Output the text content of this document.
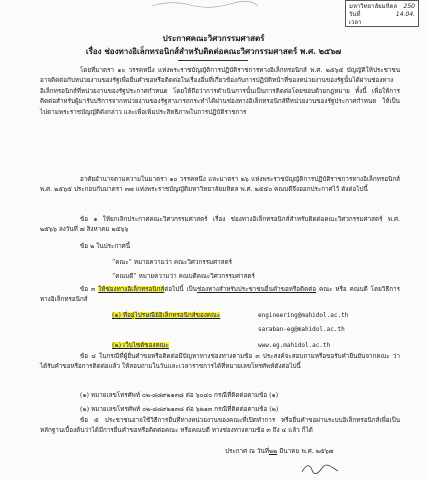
มหาวิทยาลัยมหิดล 250
วันที่	14.04.
เวลา
ประกาศคณะวิศวกรรมศาสตร์
เรื่อง ช่องทางอิเล็กทรอนิกส์สำหรับติดต่อคณะวิศวกรรมศาสตร์ พ.ศ. ๒๕๖๗
โดยที่มาตรา ๑๐ วรรคหนึ่ง แห่งพระราชบัญญัติการปฏิบัติราชการทางอิเล็กทรอนิกส์ พ.ศ. ๒๕๖๕ บัญญัติให้ประชาชนอาจติดต่อกับหน่วยงานของรัฐเพื่อยื่นคำขอหรือติดต่อในเรื่องอื่นที่เกี่ยวข้องกับการปฏิบัติหน้าที่ของหน่วยงานของรัฐนั้นได้ผ่านช่องทางอิเล็กทรอนิกส์ที่หน่วยงานของรัฐประกาศกำหนด โดยให้ถือว่าการดำเนินการนั้นเป็นการติดต่อโดยชอบด้วยกฎหมาย ทั้งนี้ เพื่อให้การติดต่อสำหรับผู้มารับบริการจากหน่วยงานของรัฐสามารถกระทำได้ผ่านช่องทางอิเล็กทรอนิกส์ที่หน่วยงานของรัฐประกาศกำหนด ให้เป็นไปตามพระราชบัญญัติดังกล่าว และเพื่อเพิ่มประสิทธิภาพในการปฏิบัติราชการ
อาศัยอำนาจตามความในมาตรา ๑๐ วรรคหนึ่ง และมาตรา ๒๖ แห่งพระราชบัญญัติการปฏิบัติราชการทางอิเล็กทรอนิกส์ พ.ศ. ๒๕๖๕ ประกอบกับมาตรา ๓๗ แห่งพระราชบัญญัติมหาวิทยาลัยมหิดล พ.ศ. ๒๕๕๐ คณบดีจึงออกประกาศไว้ ดังต่อไปนี้
ข้อ ๑ ให้ยกเลิกประกาศคณะวิศวกรรมศาสตร์ เรื่อง ช่องทางอิเล็กทรอนิกส์สำหรับติดต่อคณะวิศวกรรมศาสตร์ พ.ศ. ๒๕๖๖ ลงวันที่ ๗ สิงหาคม ๒๕๖๖
ข้อ ๒ ในประกาศนี้
“คณะ” หมายความว่า คณะวิศวกรรมศาสตร์
“คณบดี” หมายความว่า คณบดีคณะวิศวกรรมศาสตร์
ข้อ ๓ ให้ช่องทางอิเล็กทรอนิกส์ต่อไปนี้ เป็นช่องทางสำหรับประชาชนยื่นคำขอหรือติดต่อ คณะ หรือ คณบดี โดยวิธีการทางอิเล็กทรอนิกส์
(๑) ที่อยู่ไปรษณีย์อิเล็กทรอนิกส์ของคณะ	engineering@mahidol.ac.th
saraban-eg@mahidol.ac.th
(๒) เว็บไซต์ของคณะ	www.eg.mahidol.ac.th
ข้อ ๔ ในกรณีที่ผู้ยื่นคำขอหรือติดต่อมีปัญหาทางช่องทางตามข้อ ๓ ประสงค์จะสอบถามหรือขอรับคำยืนยันจากคณะ ว่าได้รับคำขอหรือการติดต่อแล้ว ให้สอบถามในวันและเวลาราชการได้ที่หมายเลขโทรศัพท์ดังต่อไปนี้
(๑) หมายเลขโทรศัพท์ ๐๒-๘๘๙๒๑๓๘ ต่อ ๖๐๔๐ กรณีที่ติดต่อตามข้อ (๑)
(๒) หมายเลขโทรศัพท์ ๐๒-๘๘๙๒๑๓๘ ต่อ ๖๒๑๓ กรณีที่ติดต่อตามข้อ (๒)
ข้อ ๕ ประชาชนอาจใช้วิธีการยื่นที่ทางหน่วยงานของคณะที่เปิดทำการ หรือยื่นคำขอผ่านระบบอิเล็กทรอนิกส์เพื่อเป็นหลักฐานเบื้องต้นว่าได้มีการยื่นคำขอหรือติดต่อคณะ หรือคณบดี ทางช่องทางตามข้อ ๓ ถึง ๔ แล้ว ก็ได้
ประกาศ ณ วันที่๒๒ มีนาคม พ.ศ. ๒๕๖๗
